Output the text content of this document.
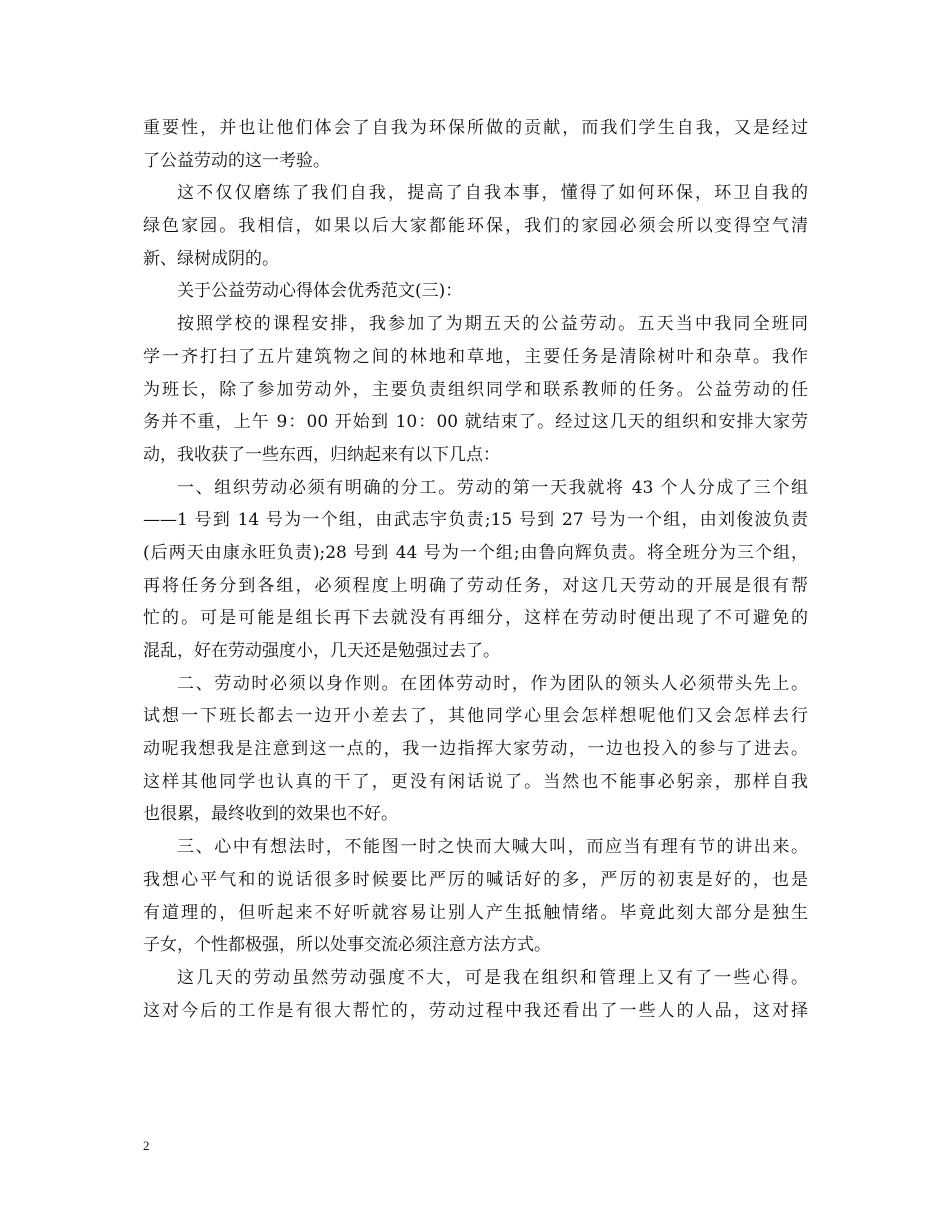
重要性，并也让他们体会了自我为环保所做的贡献，而我们学生自我，又是经过
了公益劳动的这一考验。
这不仅仅磨练了我们自我，提高了自我本事，懂得了如何环保，环卫自我的
绿色家园。我相信，如果以后大家都能环保，我们的家园必须会所以变得空气清
新、绿树成阴的。
关于公益劳动心得体会优秀范文(三)：
按照学校的课程安排，我参加了为期五天的公益劳动。五天当中我同全班同
学一齐打扫了五片建筑物之间的林地和草地，主要任务是清除树叶和杂草。我作
为班长，除了参加劳动外，主要负责组织同学和联系教师的任务。公益劳动的任
务并不重，上午 9：00 开始到 10：00 就结束了。经过这几天的组织和安排大家劳
动，我收获了一些东西，归纳起来有以下几点：
一、组织劳动必须有明确的分工。劳动的第一天我就将 43 个人分成了三个组
——1 号到 14 号为一个组，由武志宇负责;15 号到 27 号为一个组，由刘俊波负责
(后两天由康永旺负责);28 号到 44 号为一个组;由鲁向辉负责。将全班分为三个组，
再将任务分到各组，必须程度上明确了劳动任务，对这几天劳动的开展是很有帮
忙的。可是可能是组长再下去就没有再细分，这样在劳动时便出现了不可避免的
混乱，好在劳动强度小，几天还是勉强过去了。
二、劳动时必须以身作则。在团体劳动时，作为团队的领头人必须带头先上。
试想一下班长都去一边开小差去了，其他同学心里会怎样想呢他们又会怎样去行
动呢我想我是注意到这一点的，我一边指挥大家劳动，一边也投入的参与了进去。
这样其他同学也认真的干了，更没有闲话说了。当然也不能事必躬亲，那样自我
也很累，最终收到的效果也不好。
三、心中有想法时，不能图一时之快而大喊大叫，而应当有理有节的讲出来。
我想心平气和的说话很多时候要比严厉的喊话好的多，严厉的初衷是好的，也是
有道理的，但听起来不好听就容易让别人产生抵触情绪。毕竟此刻大部分是独生
子女，个性都极强，所以处事交流必须注意方法方式。
这几天的劳动虽然劳动强度不大，可是我在组织和管理上又有了一些心得。
这对今后的工作是有很大帮忙的，劳动过程中我还看出了一些人的人品，这对择
2
